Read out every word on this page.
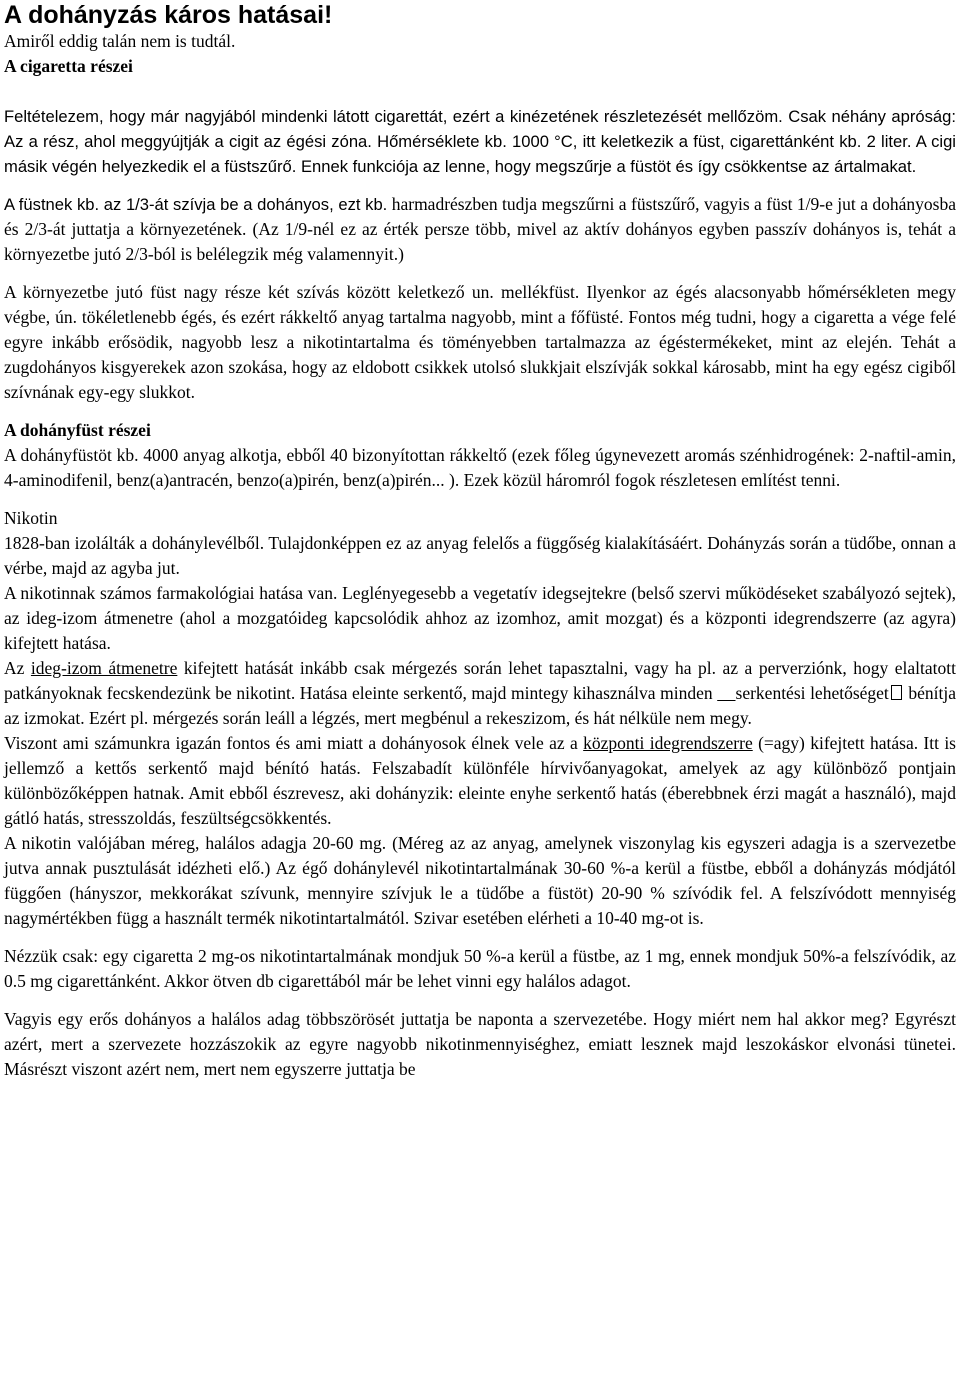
A dohányzás káros hatásai!

Amiről eddig talán nem is tudtál.

A cigaretta részei

Feltételezem, hogy már nagyjából mindenki látott cigarettát, ezért a kinézetének részletezését mellőzöm. Csak néhány apróság: Az a rész, ahol meggyújtják a cigit az égési zóna. Hőmérséklete kb. 1000 °C, itt keletkezik a füst, cigarettánként kb. 2 liter. A cigi másik végén helyezkedik el a füstszűrő. Ennek funkciója az lenne, hogy megszűrje a füstöt és így csökkentse az ártalmakat.

A füstnek kb. az 1/3-át szívja be a dohányos, ezt kb. harmadrészben tudja megszűrni a füstszűrő, vagyis a füst 1/9-e jut a dohányosba és 2/3-át juttatja a környezetének. (Az 1/9-nél ez az érték persze több, mivel az aktív dohányos egyben passzív dohányos is, tehát a környezetbe jutó 2/3-ból is belélegzik még valamennyit.)

A környezetbe jutó füst nagy része két szívás között keletkező un. mellékfüst. Ilyenkor az égés alacsonyabb hőmérsékleten megy végbe, ún. tökéletlenebb égés, és ezért rákkeltő anyag tartalma nagyobb, mint a főfüsté. Fontos még tudni, hogy a cigaretta a vége felé egyre inkább erősödik, nagyobb lesz a nikotintartalma és töményebben tartalmazza az égéstermékeket, mint az elején. Tehát a zugdohányos kisgyerekek azon szokása, hogy az eldobott csikkek utolsó slukkjait elszívják sokkal károsabb, mint ha egy egész cigiből szívnának egy-egy slukkot.

A dohányfüst részei

A dohányfüstöt kb. 4000 anyag alkotja, ebből 40 bizonyítottan rákkeltő (ezek főleg úgynevezett aromás szénhidrogének: 2-naftil-amin, 4-aminodifenil, benz(a)antracén, benzo(a)pirén, benz(a)pirén... ). Ezek közül háromról fogok részletesen említést tenni.

Nikotin

1828-ban izolálták a dohánylevélből. Tulajdonképpen ez az anyag felelős a függőség kialakításáért. Dohányzás során a tüdőbe, onnan a vérbe, majd az agyba jut.

A nikotinnak számos farmakológiai hatása van. Leglényegesebb a vegetatív idegsejtekre (belső szervi működéseket szabályozó sejtek), az ideg-izom átmenetre (ahol a mozgatóideg kapcsolódik ahhoz az izomhoz, amit mozgat) és a központi idegrendszerre (az agyra) kifejtett hatása.

Az ideg-izom átmenetre kifejtett hatását inkább csak mérgezés során lehet tapasztalni, vagy ha pl. az a perverziónk, hogy elaltatott patkányoknak fecskendezünk be nikotint. Hatása eleinte serkentő, majd mintegy kihasználva minden     serkentési lehetőséget bénítja az izmokat. Ezért pl. mérgezés során leáll a légzés, mert megbénul a rekeszizom, és hát nélküle nem megy.

Viszont ami számunkra igazán fontos és ami miatt a dohányosok élnek vele az a központi idegrendszerre (=agy) kifejtett hatása. Itt is jellemző a kettős serkentő majd bénító hatás. Felszabadít különféle hírvivőanyagokat, amelyek az agy különböző pontjain különbözőképpen hatnak. Amit ebből észrevesz, aki dohányzik: eleinte enyhe serkentő hatás (éberebbnek érzi magát a használó), majd gátló hatás, stresszoldás, feszültségcsökkentés.

A nikotin valójában méreg, halálos adagja 20-60 mg. (Méreg az az anyag, amelynek viszonylag kis egyszeri adagja is a szervezetbe jutva annak pusztulását idézheti elő.) Az égő dohánylevél nikotintartalmának 30-60 %-a kerül a füstbe, ebből a dohányzás módjától függően (hányszor, mekkorákat szívunk, mennyire szívjuk le a tüdőbe a füstöt) 20-90 % szívódik fel. A felszívódott mennyiség nagymértékben függ a használt termék nikotintartalmától. Szivar esetében elérheti a 10-40 mg-ot is.

Nézzük csak: egy cigaretta 2 mg-os nikotintartalmának mondjuk 50 %-a kerül a füstbe, az 1 mg, ennek mondjuk 50%-a felszívódik, az 0.5 mg cigarettánként. Akkor ötven db cigarettából már be lehet vinni egy halálos adagot.

Vagyis egy erős dohányos a halálos adag többszörösét juttatja be naponta a szervezetébe. Hogy miért nem hal akkor meg? Egyrészt azért, mert a szervezete hozzászokik az egyre nagyobb nikotinmennyiséghez, emiatt lesznek majd leszokáskor elvonási tünetei. Másrészt viszont azért nem, mert nem egyszerre juttatja be
